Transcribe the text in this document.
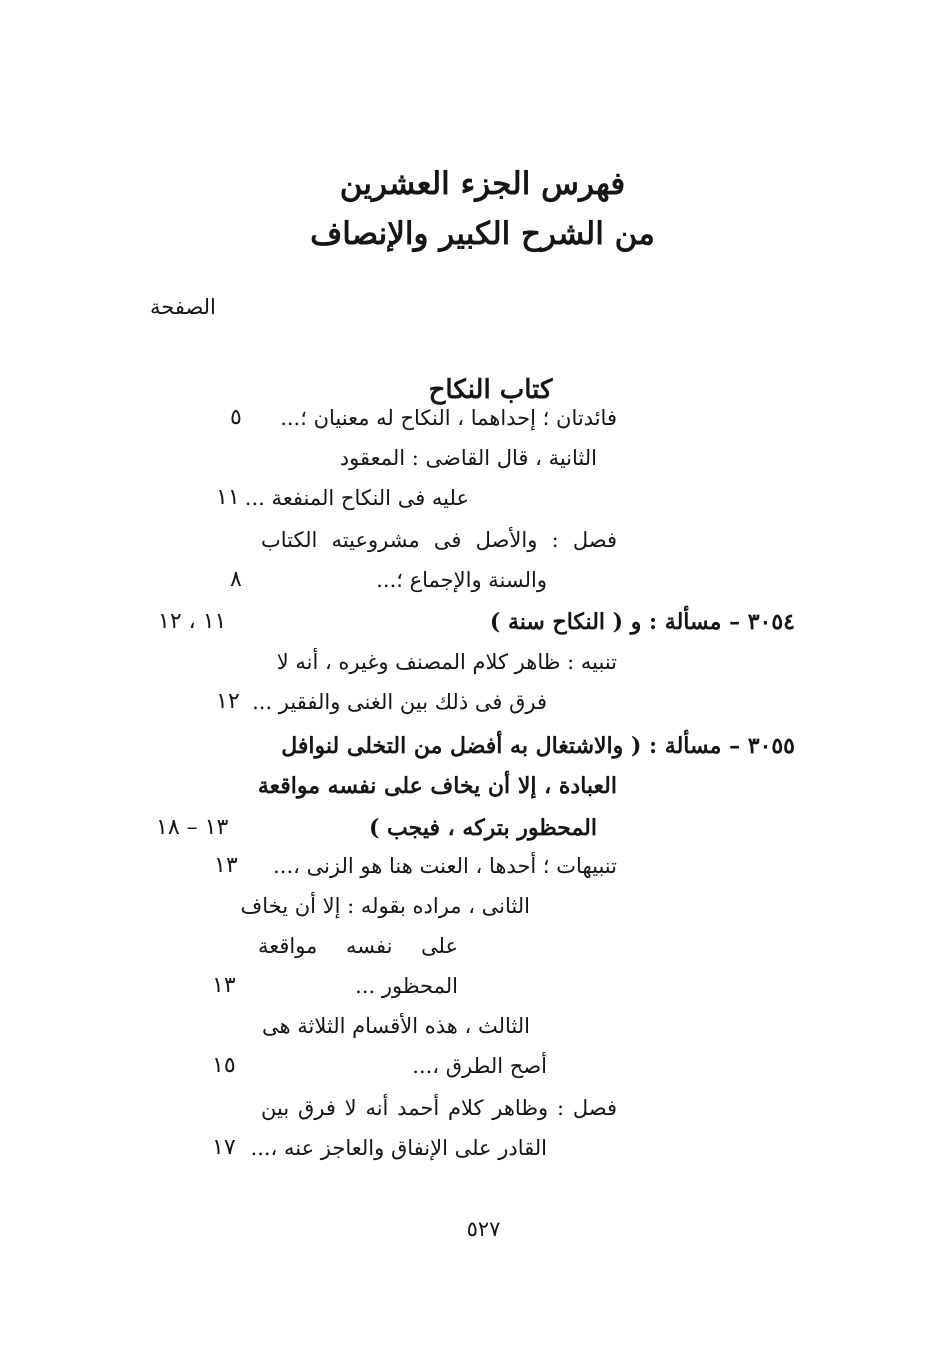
فهرس الجزء العشرين
من الشرح الكبير والإنصاف
الصفحة
كتاب النكاح
فائدتان ؛ إحداهما ، النكاح له معنيان ؛...
٥
الثانية ، قال القاضى : المعقود
عليه فى النكاح المنفعة ...
١١
فصل : والأصل فى مشروعيته الكتاب
والسنة والإجماع ؛...
٨
٣٠٥٤ – مسألة : و ( النكاح سنة )
١١ ، ١٢
تنبيه : ظاهر كلام المصنف وغيره ، أنه لا
فرق فى ذلك بين الغنى والفقير ...
١٢
٣٠٥٥ – مسألة : ( والاشتغال به أفضل من التخلى لنوافل
العبادة ، إلا أن يخاف على نفسه مواقعة
المحظور بتركه ، فيجب )
١٣ – ١٨
تنبيهات ؛ أحدها ، العنت هنا هو الزنى ،...
١٣
الثانى ، مراده بقوله : إلا أن يخاف
على نفسه مواقعة
المحظور ...
١٣
الثالث ، هذه الأقسام الثلاثة هى
أصح الطرق ،...
١٥
فصل : وظاهر كلام أحمد أنه لا فرق بين
القادر على الإنفاق والعاجز عنه ،...
١٧
٥٢٧
